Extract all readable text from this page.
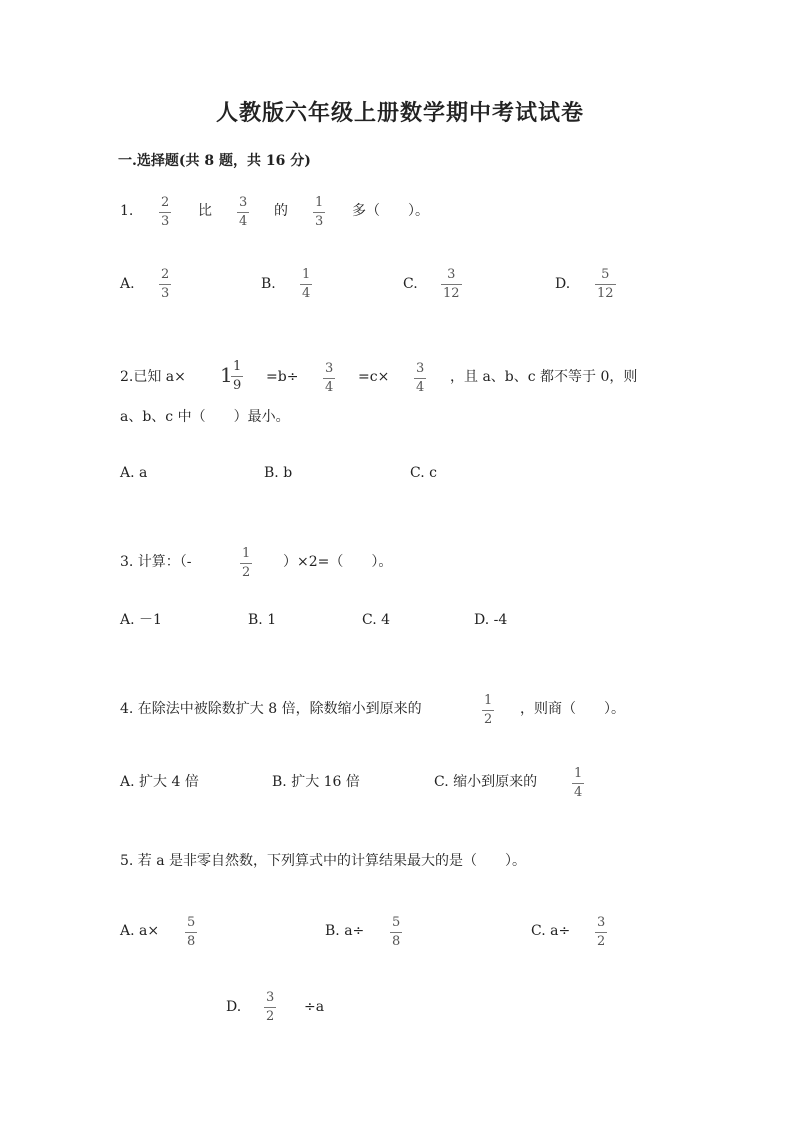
人教版六年级上册数学期中考试试卷
一.选择题(共 8 题，共 16 分)
1.
2
3
比
3
4
的
1
3
多（　　）。
A.
2
3
B.
1
4
C.
3
12
D.
5
12
2.已知 a× 1 1
9
=b÷
3
4
=c×
3
4
，且 a、b、c 都不等于 0，则
a、b、c 中（　　）最小。
A. a	B. b	C. c
3. 计算：（-
1
2
）×2=（　　）。
A. －1	B. 1	C. 4	D. -4
4. 在除法中被除数扩大 8 倍，除数缩小到原来的
1
2
，则商（　　）。
A. 扩大 4 倍	B. 扩大 16 倍	C. 缩小到原来的
1
4
5. 若 a 是非零自然数，下列算式中的计算结果最大的是（　　）。
A. a×
5
8
B. a÷
5
8
C. a÷
3
2
D.
3
2
÷a
